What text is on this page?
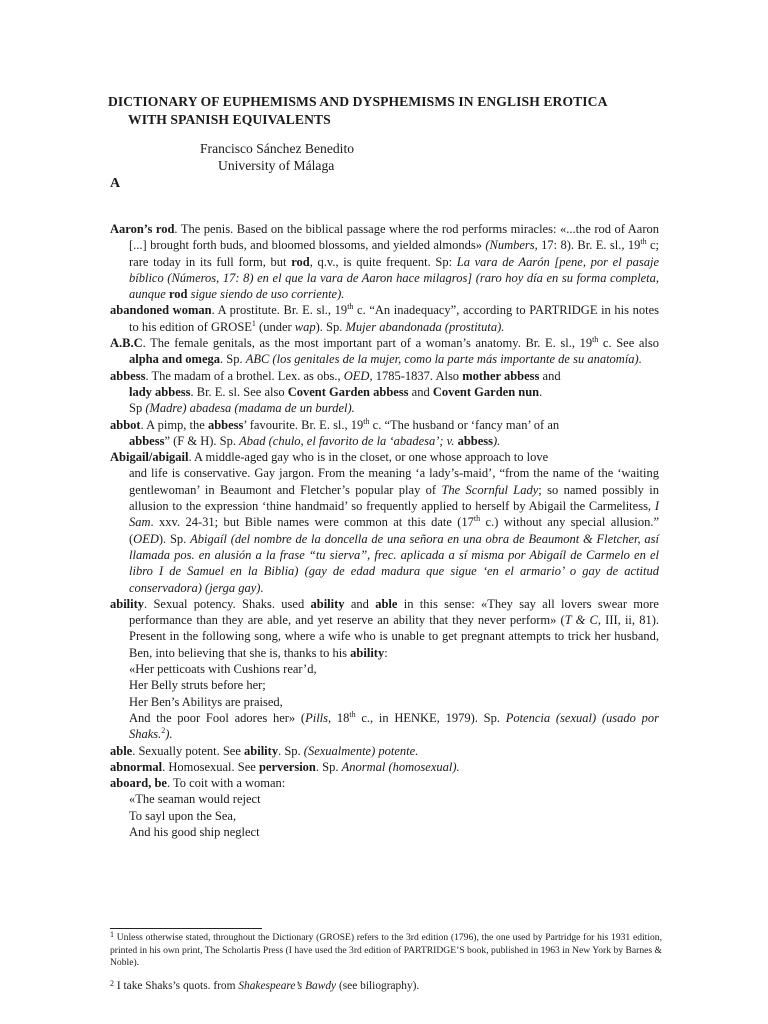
DICTIONARY OF EUPHEMISMS AND DYSPHEMISMS IN ENGLISH EROTICA
WITH SPANISH EQUIVALENTS
Francisco Sánchez Benedito
University of Málaga
A

Aaron’s rod. The penis. Based on the biblical passage where the rod performs miracles: «...the rod of Aaron [...] brought forth buds, and bloomed blossoms, and yielded almonds» (Numbers, 17: 8). Br. E. sl., 19th c; rare today in its full form, but rod, q.v., is quite frequent. Sp: La vara de Aarón [pene, por el pasaje bíblico (Números, 17: 8) en el que la vara de Aaron hace milagros] (raro hoy día en su forma completa, aunque rod sigue siendo de uso corriente).

abandoned woman. A prostitute. Br. E. sl., 19th c. “An inadequacy”, according to PARTRIDGE in his notes to his edition of GROSE$^1$ (under wap). Sp. Mujer abandonada (prostituta).

A.B.C. The female genitals, as the most important part of a woman’s anatomy. Br. E. sl., 19th c. See also alpha and omega. Sp. ABC (los genitales de la mujer, como la parte más importante de su anatomía).

abbess. The madam of a brothel. Lex. as obs., OED, 1785-1837. Also mother abbess and
lady abbess. Br. E. sl. See also Covent Garden abbess and Covent Garden nun.
Sp (Madre) abadesa (madama de un burdel).

abbot. A pimp, the abbess’ favourite. Br. E. sl., 19th c. “The husband or ‘fancy man’ of an
abbess” (F & H). Sp. Abad (chulo, el favorito de la ‘abadesa’; v. abbess).

Abigail/abigail. A middle-aged gay who is in the closet, or one whose approach to love
and life is conservative. Gay jargon. From the meaning ‘a lady’s-maid’, “from the name of the ‘waiting gentlewoman’ in Beaumont and Fletcher’s popular play of The Scornful Lady; so named possibly in allusion to the expression ‘thine handmaid’ so frequently applied to herself by Abigail the Carmelitess, I Sam. xxv. 24-31; but Bible names were common at this date (17th c.) without any special allusion.” (OED). Sp. Abigaíl (del nombre de la doncella de una señora en una obra de Beaumont & Fletcher, así llamada pos. en alusión a la frase “tu sierva”, frec. aplicada a sí misma por Abigaíl de Carmelo en el libro I de Samuel en la Biblia) (gay de edad madura que sigue ‘en el armario’ o gay de actitud conservadora) (jerga gay).

ability. Sexual potency. Shaks. used ability and able in this sense: «They say all lovers swear more performance than they are able, and yet reserve an ability that they never perform» (T & C, III, ii, 81). Present in the following song, where a wife who is unable to get pregnant attempts to trick her husband, Ben, into believing that she is, thanks to his ability:

«Her petticoats with Cushions rear’d,
Her Belly struts before her;
Her Ben’s Abilitys are praised,

And the poor Fool adores her» (Pills, 18th c., in HENKE, 1979). Sp. Potencia (sexual) (usado por Shaks.$^2$).

able. Sexually potent. See ability. Sp. (Sexualmente) potente.

abnormal. Homosexual. See perversion. Sp. Anormal (homosexual).

aboard, be. To coit with a woman:

«The seaman would reject
To sayl upon the Sea,
And his good ship neglect
$^1$ Unless otherwise stated, throughout the Dictionary (GROSE) refers to the 3rd edition (1796), the one used by Partridge for his 1931 edition, printed in his own print, The Scholartis Press (I have used the 3rd edition of PARTRIDGE’S book, published in 1963 in New York by Barnes & Noble).
$^2$ I take Shaks’s quots. from Shakespeare’s Bawdy (see biliography).
